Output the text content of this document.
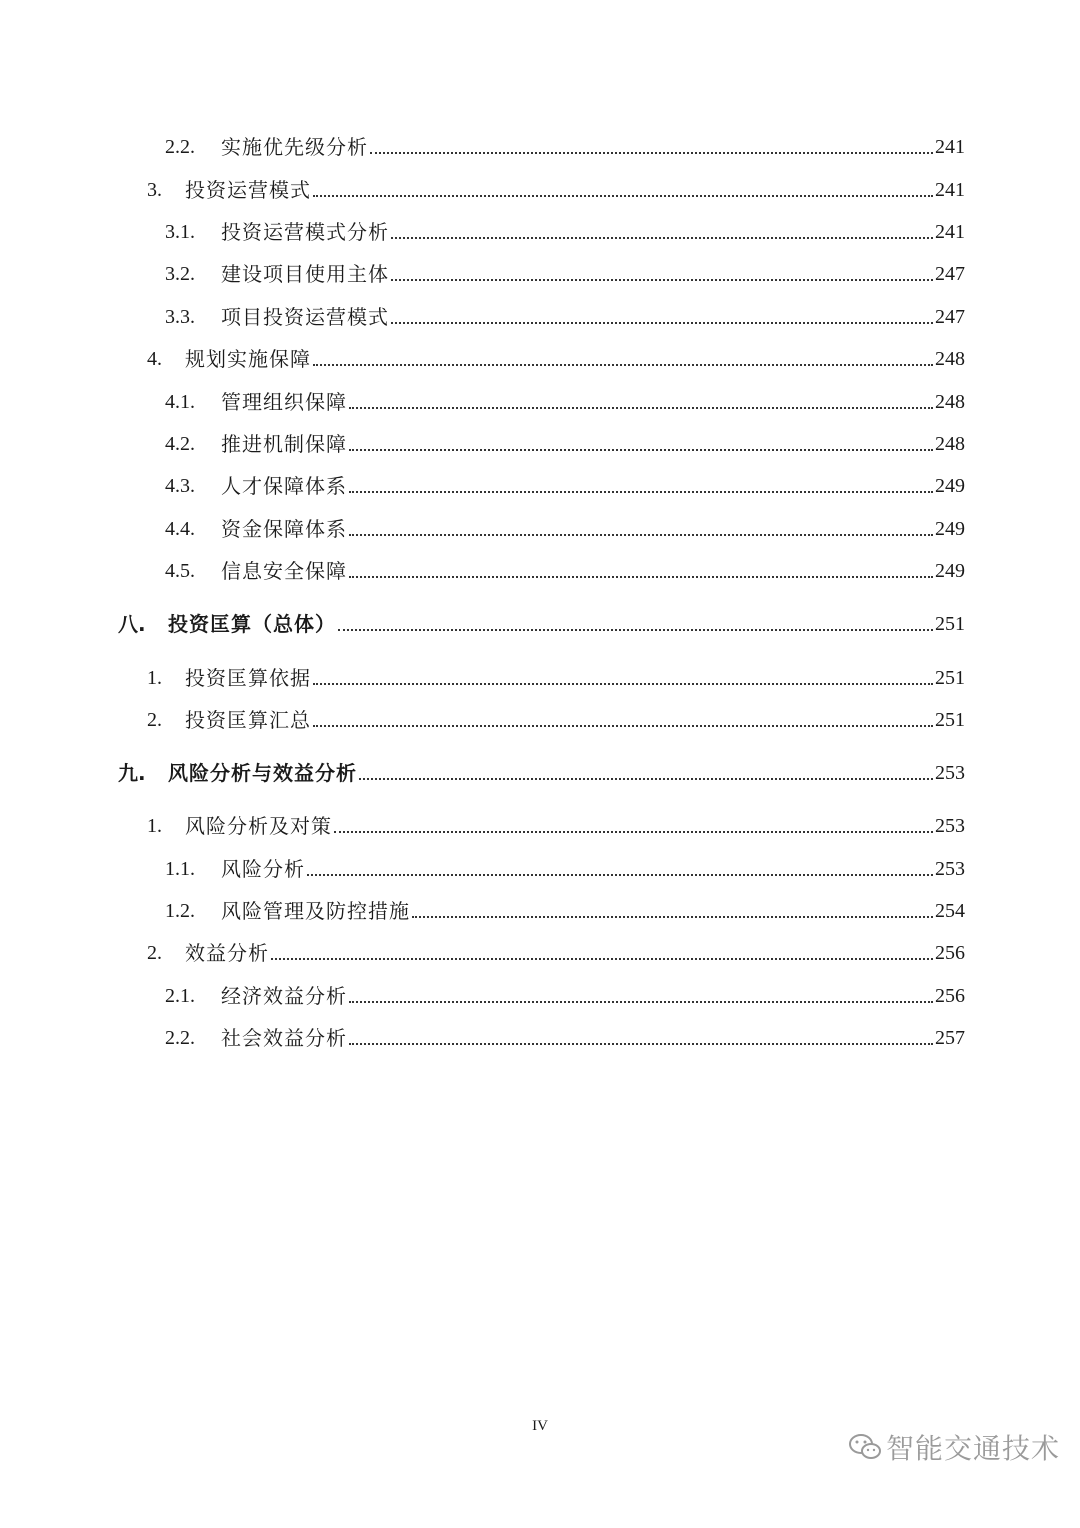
2.2.	实施优先级分析	241
3.	投资运营模式	241
3.1.	投资运营模式分析	241
3.2.	建设项目使用主体	247
3.3.	项目投资运营模式	247
4.	规划实施保障	248
4.1.	管理组织保障	248
4.2.	推进机制保障	248
4.3.	人才保障体系	249
4.4.	资金保障体系	249
4.5.	信息安全保障	249
八.	投资匡算（总体）	251
1.	投资匡算依据	251
2.	投资匡算汇总	251
九.	风险分析与效益分析	253
1.	风险分析及对策	253
1.1.	风险分析	253
1.2.	风险管理及防控措施	254
2.	效益分析	256
2.1.	经济效益分析	256
2.2.	社会效益分析	257
IV
智能交通技术
